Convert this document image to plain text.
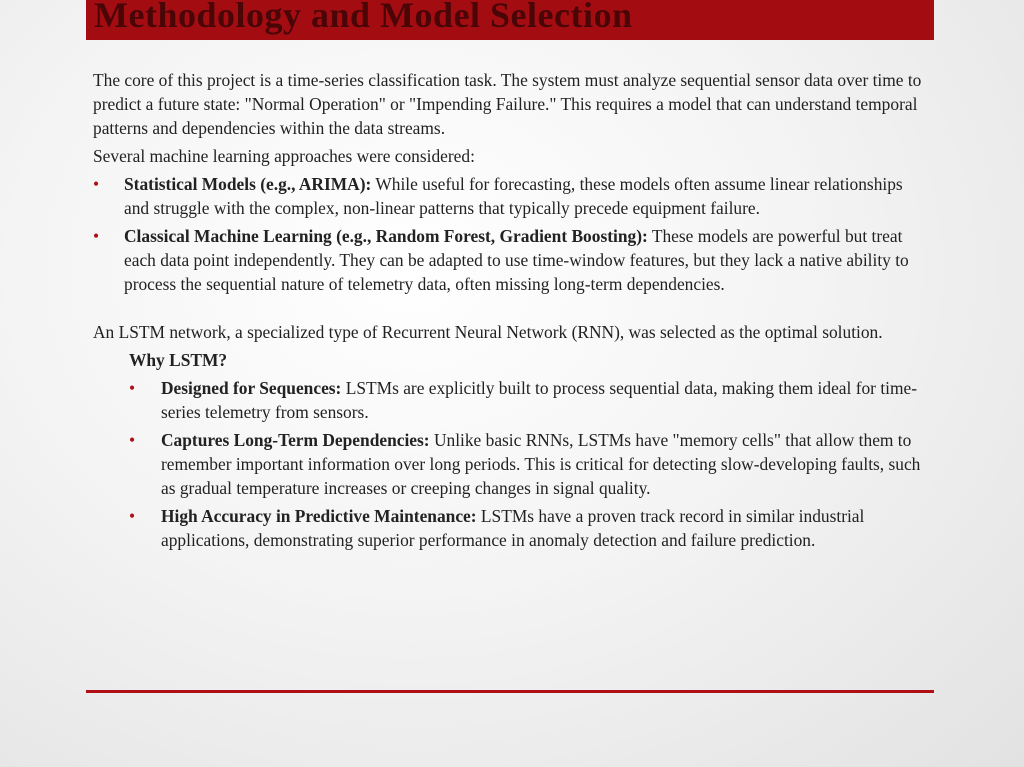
Methodology and Model Selection

The core of this project is a time-series classification task. The system must analyze sequential sensor data over time to predict a future state: "Normal Operation" or "Impending Failure." This requires a model that can understand temporal patterns and dependencies within the data streams.

Several machine learning approaches were considered:

• Statistical Models (e.g., ARIMA): While useful for forecasting, these models often assume linear relationships and struggle with the complex, non-linear patterns that typically precede equipment failure.
• Classical Machine Learning (e.g., Random Forest, Gradient Boosting): These models are powerful but treat each data point independently. They can be adapted to use time-window features, but they lack a native ability to process the sequential nature of telemetry data, often missing long-term dependencies.

An LSTM network, a specialized type of Recurrent Neural Network (RNN), was selected as the optimal solution.

Why LSTM?

• Designed for Sequences: LSTMs are explicitly built to process sequential data, making them ideal for time-series telemetry from sensors.
• Captures Long-Term Dependencies: Unlike basic RNNs, LSTMs have "memory cells" that allow them to remember important information over long periods. This is critical for detecting slow-developing faults, such as gradual temperature increases or creeping changes in signal quality.
• High Accuracy in Predictive Maintenance: LSTMs have a proven track record in similar industrial applications, demonstrating superior performance in anomaly detection and failure prediction.
